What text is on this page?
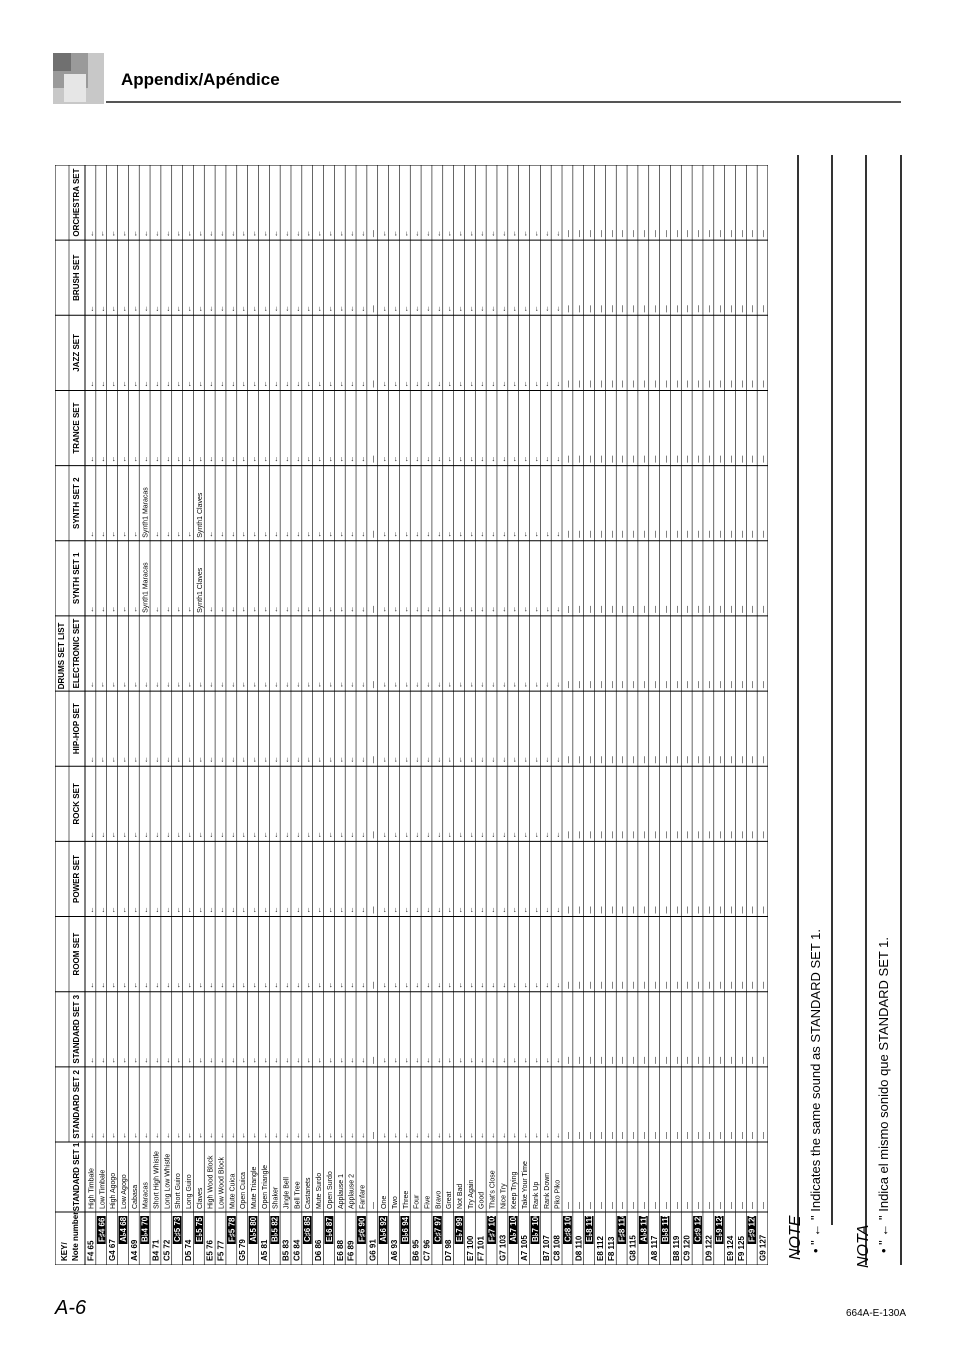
Appendix/Apéndice
DRUMS SET LIST
KEY/ Note number
STANDARD SET 1
STANDARD SET 2
STANDARD SET 3
ROOM SET
POWER SET
ROCK SET
HIP-HOP SET
ELECTRONIC SET
SYNTH SET 1
SYNTH SET 2
TRANCE SET
JAZZ SET
BRUSH SET
ORCHESTRA SET
F4 65
High Timbale
←
←
←
←
←
←
←
←
←
←
←
←
←
F♯4 66
Low Timbale
←
←
←
←
←
←
←
←
←
←
←
←
←
G4 67
High Agogo
←
←
←
←
←
←
←
←
←
←
←
←
←
A♭4 68
Low Agogo
←
←
←
←
←
←
←
←
←
←
←
←
←
A4 69
Cabasa
←
←
←
←
←
←
←
←
←
←
←
←
←
B♭4 70
Maracas
←
←
←
←
←
←
←
Synth1 Maracas
Synth1 Maracas
←
←
←
←
B4 71
Short High Whistle
←
←
←
←
←
←
←
←
←
←
←
←
←
C5 72
Long Low Whistle
←
←
←
←
←
←
←
←
←
←
←
←
←
C♯5 73
Short Guiro
←
←
←
←
←
←
←
←
←
←
←
←
←
D5 74
Long Guiro
←
←
←
←
←
←
←
←
←
←
←
←
←
E♭5 75
Claves
←
←
←
←
←
←
←
Synth1 Claves
Synth1 Claves
←
←
←
←
E5 76
High Wood Block
←
←
←
←
←
←
←
←
←
←
←
←
←
F5 77
Low Wood Block
←
←
←
←
←
←
←
←
←
←
←
←
←
F♯5 78
Mute Cuica
←
←
←
←
←
←
←
←
←
←
←
←
←
G5 79
Open Cuica
←
←
←
←
←
←
←
←
←
←
←
←
←
A♭5 80
Mute Triangle
←
←
←
←
←
←
←
←
←
←
←
←
←
A5 81
Open Triangle
←
←
←
←
←
←
←
←
←
←
←
←
←
B♭5 82
Shaker
←
←
←
←
←
←
←
←
←
←
←
←
←
B5 83
Jingle Bell
←
←
←
←
←
←
←
←
←
←
←
←
←
C6 84
Bell Tree
←
←
←
←
←
←
←
←
←
←
←
←
←
C♯6 85
Castanets
←
←
←
←
←
←
←
←
←
←
←
←
←
D6 86
Mute Surdo
←
←
←
←
←
←
←
←
←
←
←
←
←
E♭6 87
Open Surdo
←
←
←
←
←
←
←
←
←
←
←
←
←
E6 88
Applause 1
←
←
←
←
←
←
←
←
←
←
←
←
←
F6 89
Applause 2
←
←
←
←
←
←
←
←
←
←
←
←
←
F♯6 90
Fanfare
←
←
←
←
←
←
←
←
←
←
←
←
←
G6 91
—
—
—
—
—
—
—
—
—
—
—
—
—
—
A♭6 92
One
←
←
←
←
←
←
←
←
←
←
←
←
←
A6 93
Two
←
←
←
←
←
←
←
←
←
←
←
←
←
B♭6 94
Three
←
←
←
←
←
←
←
←
←
←
←
←
←
B6 95
Four
←
←
←
←
←
←
←
←
←
←
←
←
←
C7 96
Five
←
←
←
←
←
←
←
←
←
←
←
←
←
C♯7 97
Bravo
←
←
←
←
←
←
←
←
←
←
←
←
←
D7 98
Great
←
←
←
←
←
←
←
←
←
←
←
←
←
E♭7 99
Not Bad
←
←
←
←
←
←
←
←
←
←
←
←
←
E7 100
Try Again
←
←
←
←
←
←
←
←
←
←
←
←
←
F7 101
Good
←
←
←
←
←
←
←
←
←
←
←
←
←
F♯7 102
That's Close
←
←
←
←
←
←
←
←
←
←
←
←
←
G7 103
Nice Try
←
←
←
←
←
←
←
←
←
←
←
←
←
A♭7 104
Keep Trying
←
←
←
←
←
←
←
←
←
←
←
←
←
A7 105
Take Your Time
←
←
←
←
←
←
←
←
←
←
←
←
←
B♭7 106
Rank Up
←
←
←
←
←
←
←
←
←
←
←
←
←
B7 107
Rank Down
←
←
←
←
←
←
←
←
←
←
←
←
←
C8 108
Piko Piko
←
←
←
←
←
←
←
←
←
←
←
←
←
C♯8 109
—
—
—
—
—
—
—
—
—
—
—
—
—
—
D8 110
—
—
—
—
—
—
—
—
—
—
—
—
—
—
E♭8 111
—
—
—
—
—
—
—
—
—
—
—
—
—
—
E8 112
—
—
—
—
—
—
—
—
—
—
—
—
—
—
F8 113
—
—
—
—
—
—
—
—
—
—
—
—
—
—
F♯8 114
—
—
—
—
—
—
—
—
—
—
—
—
—
—
G8 115
—
—
—
—
—
—
—
—
—
—
—
—
—
—
A♭8 116
—
—
—
—
—
—
—
—
—
—
—
—
—
—
A8 117
—
—
—
—
—
—
—
—
—
—
—
—
—
—
B♭8 118
—
—
—
—
—
—
—
—
—
—
—
—
—
—
B8 119
—
—
—
—
—
—
—
—
—
—
—
—
—
—
C9 120
—
—
—
—
—
—
—
—
—
—
—
—
—
—
C♯9 121
—
—
—
—
—
—
—
—
—
—
—
—
—
—
D9 122
—
—
—
—
—
—
—
—
—
—
—
—
—
—
E♭9 123
—
—
—
—
—
—
—
—
—
—
—
—
—
—
E9 124
—
—
—
—
—
—
—
—
—
—
—
—
—
—
F9 125
—
—
—
—
—
—
—
—
—
—
—
—
—
—
F♯9 126
—
—
—
—
—
—
—
—
—
—
—
—
—
—
G9 127
—
—
—
—
—
—
—
—
—
—
—
—
—
—
NOTE • " ← " Indicates the same sound as STANDARD SET 1. NOTA • " ← " Indica el mismo sonido que STANDARD SET 1.
A-6	664A-E-130A
